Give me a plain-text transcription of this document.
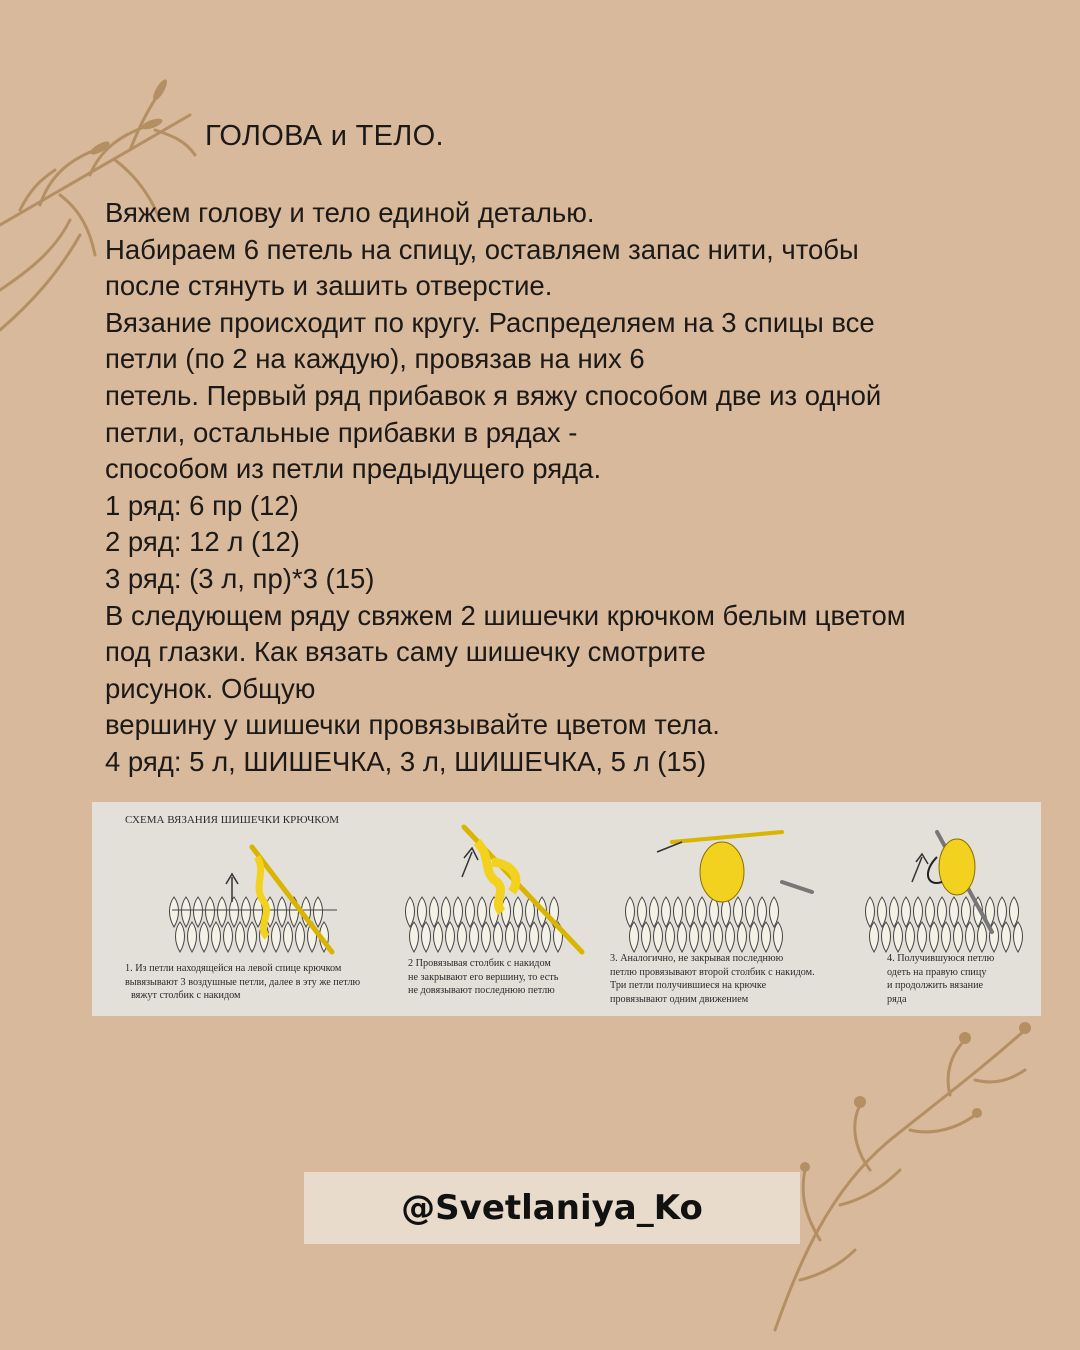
ГОЛОВА и ТЕЛО.
Вяжем голову и тело единой деталью.
Набираем 6 петель на спицу, оставляем запас нити, чтобы
после стянуть и зашить отверстие.
Вязание происходит по кругу. Распределяем на 3 спицы все
петли (по 2 на каждую), провязав на них 6
петель. Первый ряд прибавок я вяжу способом две из одной
петли, остальные прибавки в рядах -
способом из петли предыдущего ряда.
1 ряд: 6 пр (12)
2 ряд: 12 л (12)
3 ряд: (3 л, пр)*3 (15)
В следующем ряду свяжем 2 шишечки крючком белым цветом
под глазки. Как вязать саму шишечку смотрите
рисунок. Общую
вершину у шишечки провязывайте цветом тела.
4 ряд: 5 л, ШИШЕЧКА, 3 л, ШИШЕЧКА, 5 л (15)
СХЕМА ВЯЗАНИЯ ШИШЕЧКИ КРЮЧКОМ
1. Из петли находящейся на левой спице крючком
вывязывают 3 воздушные петли, далее в эту же петлю
вяжут столбик с накидом
2 Провязывая столбик с накидом
не закрывают его вершину, то есть
не довязывают последнюю петлю
3. Аналогично, не закрывая последнюю
петлю провязывают второй столбик с накидом.
Три петли получившиеся на крючке
провязывают одним движением
4. Получившуюся петлю
одеть на правую спицу
и продолжить вязание
ряда
@Svetlaniya_Ko
